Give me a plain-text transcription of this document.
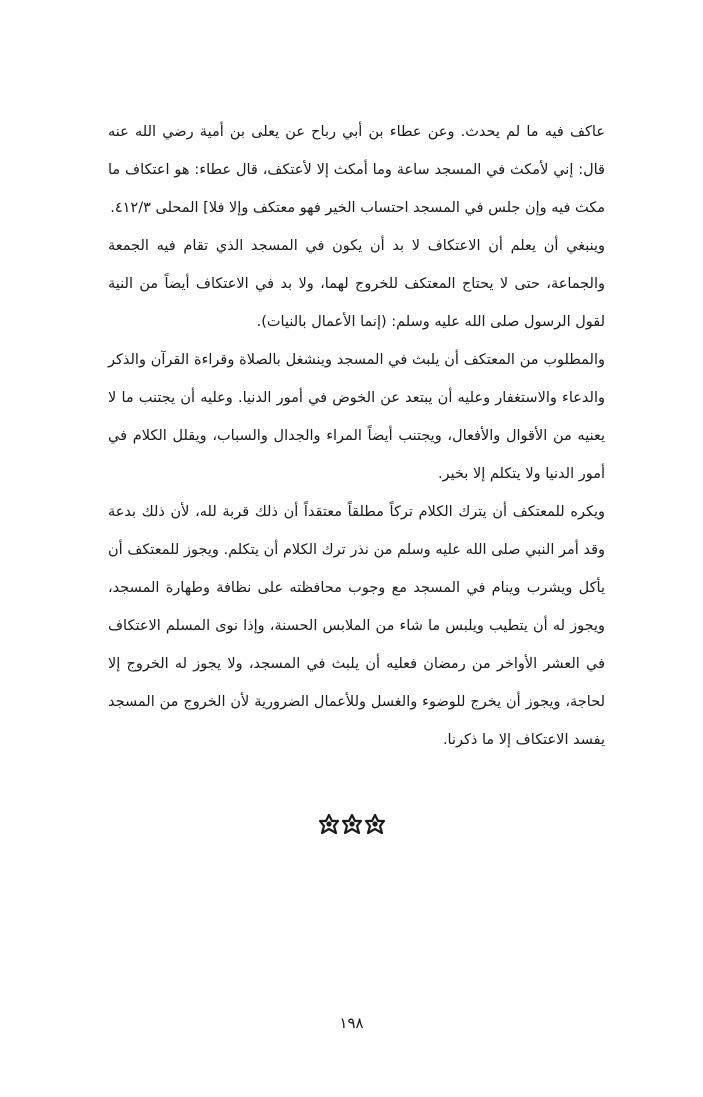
عاكف فيه ما لم يحدث. وعن عطاء بن أبي رباح عن يعلى بن أمية رضي الله عنه قال: إني لأمكث في المسجد ساعة وما أمكث إلا لأعتكف، قال عطاء: هو اعتكاف ما مكث فيه وإن جلس في المسجد احتساب الخير فهو معتكف وإلا فلا] المحلى ٤١٢/٣.

وينبغي أن يعلم أن الاعتكاف لا بد أن يكون في المسجد الذي تقام فيه الجمعة والجماعة، حتى لا يحتاج المعتكف للخروج لهما، ولا بد في الاعتكاف أيضاً من النية لقول الرسول صلى الله عليه وسلم: (إنما الأعمال بالنيات).

والمطلوب من المعتكف أن يلبث في المسجد وينشغل بالصلاة وقراءة القرآن والذكر والدعاء والاستغفار وعليه أن يبتعد عن الخوض في أمور الدنيا. وعليه أن يجتنب ما لا يعنيه من الأقوال والأفعال، ويجتنب أيضاً المراء والجدال والسباب، ويقلل الكلام في أمور الدنيا ولا يتكلم إلا بخير.

ويكره للمعتكف أن يترك الكلام تركاً مطلقاً معتقداً أن ذلك قربة لله، لأن ذلك بدعة وقد أمر النبي صلى الله عليه وسلم من نذر ترك الكلام أن يتكلم. ويجوز للمعتكف أن يأكل ويشرب وينام في المسجد مع وجوب محافظته على نظافة وطهارة المسجد، ويجوز له أن يتطيب ويلبس ما شاء من الملابس الحسنة، وإذا نوى المسلم الاعتكاف في العشر الأواخر من رمضان فعليه أن يلبث في المسجد، ولا يجوز له الخروج إلا لحاجة، ويجوز أن يخرج للوضوء والغسل وللأعمال الضرورية لأن الخروج من المسجد يفسد الاعتكاف إلا ما ذكرنا.

١٩٨
